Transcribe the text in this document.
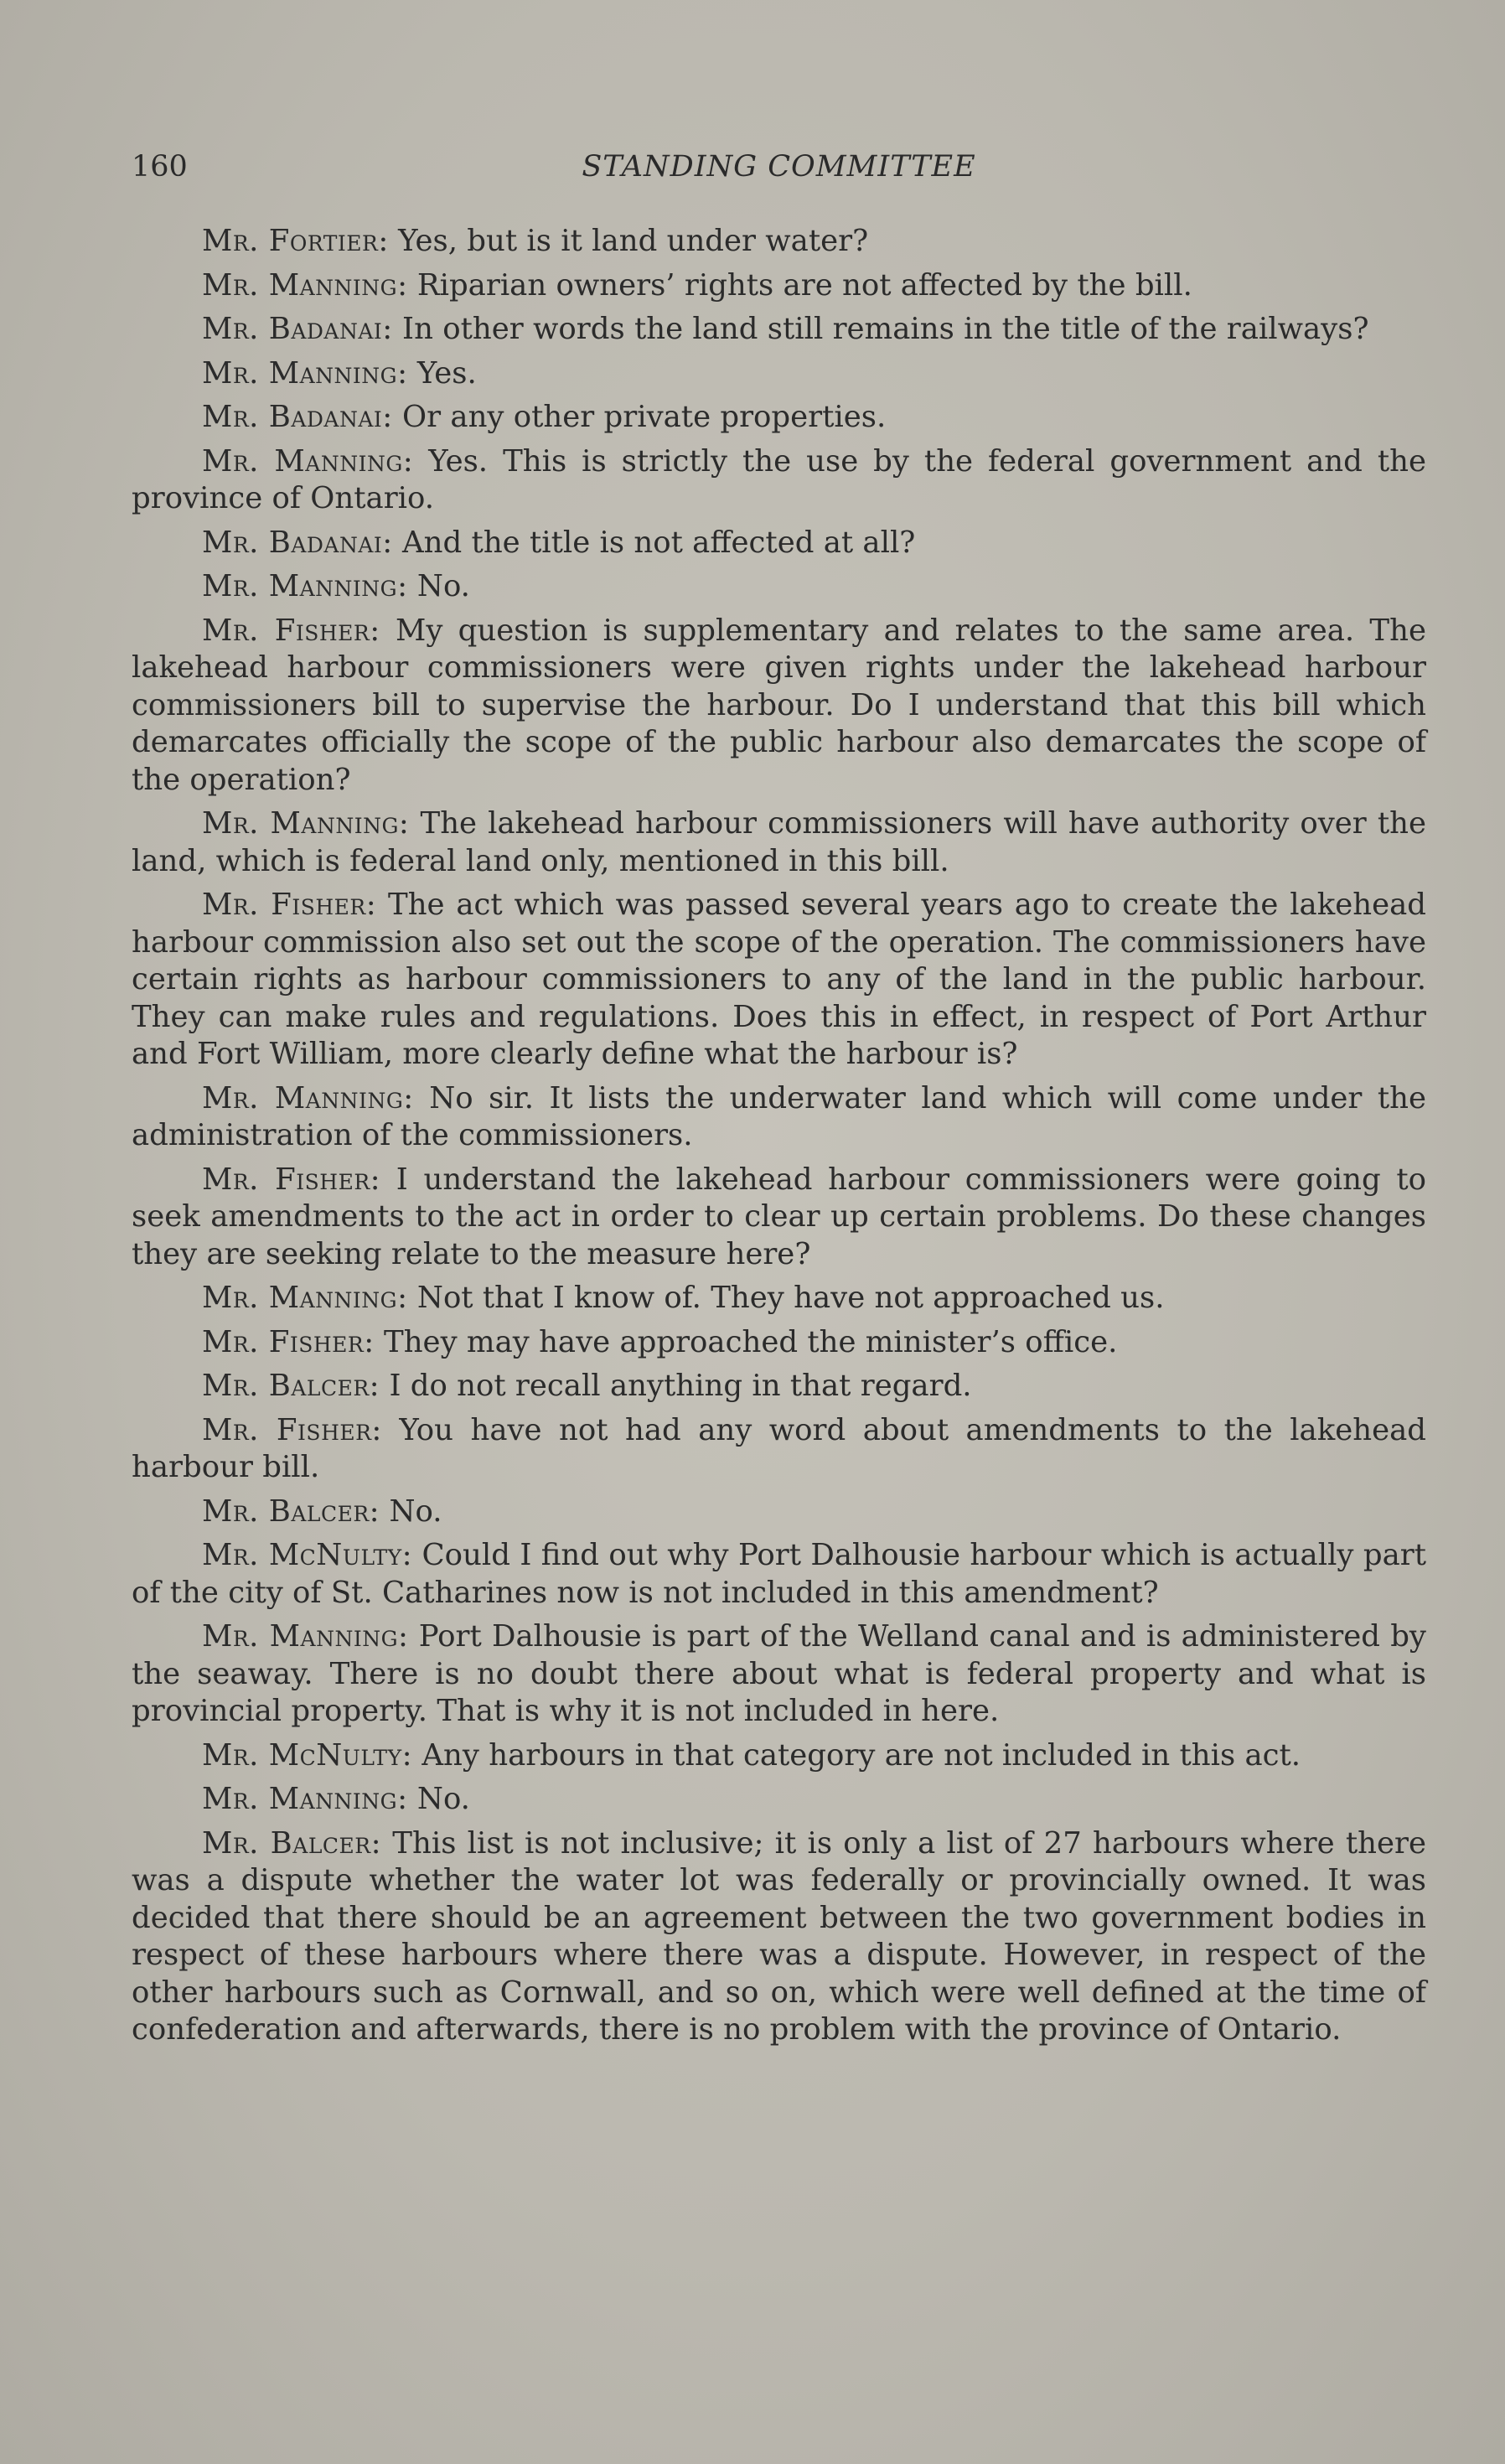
160	STANDING COMMITTEE

Mr. Fortier: Yes, but is it land under water?

Mr. Manning: Riparian owners’ rights are not affected by the bill.

Mr. Badanai: In other words the land still remains in the title of the railways?

Mr. Manning: Yes.

Mr. Badanai: Or any other private properties.

Mr. Manning: Yes. This is strictly the use by the federal government and the province of Ontario.

Mr. Badanai: And the title is not affected at all?

Mr. Manning: No.

Mr. Fisher: My question is supplementary and relates to the same area. The lakehead harbour commissioners were given rights under the lakehead harbour commissioners bill to supervise the harbour. Do I understand that this bill which demarcates officially the scope of the public harbour also demarcates the scope of the operation?

Mr. Manning: The lakehead harbour commissioners will have authority over the land, which is federal land only, mentioned in this bill.

Mr. Fisher: The act which was passed several years ago to create the lakehead harbour commission also set out the scope of the operation. The commissioners have certain rights as harbour commissioners to any of the land in the public harbour. They can make rules and regulations. Does this in effect, in respect of Port Arthur and Fort William, more clearly define what the harbour is?

Mr. Manning: No sir. It lists the underwater land which will come under the administration of the commissioners.

Mr. Fisher: I understand the lakehead harbour commissioners were going to seek amendments to the act in order to clear up certain problems. Do these changes they are seeking relate to the measure here?

Mr. Manning: Not that I know of. They have not approached us.

Mr. Fisher: They may have approached the minister’s office.

Mr. Balcer: I do not recall anything in that regard.

Mr. Fisher: You have not had any word about amendments to the lakehead harbour bill.

Mr. Balcer: No.

Mr. McNulty: Could I find out why Port Dalhousie harbour which is actually part of the city of St. Catharines now is not included in this amendment?

Mr. Manning: Port Dalhousie is part of the Welland canal and is administered by the seaway. There is no doubt there about what is federal property and what is provincial property. That is why it is not included in here.

Mr. McNulty: Any harbours in that category are not included in this act.

Mr. Manning: No.

Mr. Balcer: This list is not inclusive; it is only a list of 27 harbours where there was a dispute whether the water lot was federally or provincially owned. It was decided that there should be an agreement between the two government bodies in respect of these harbours where there was a dispute. However, in respect of the other harbours such as Cornwall, and so on, which were well defined at the time of confederation and afterwards, there is no problem with the province of Ontario.
